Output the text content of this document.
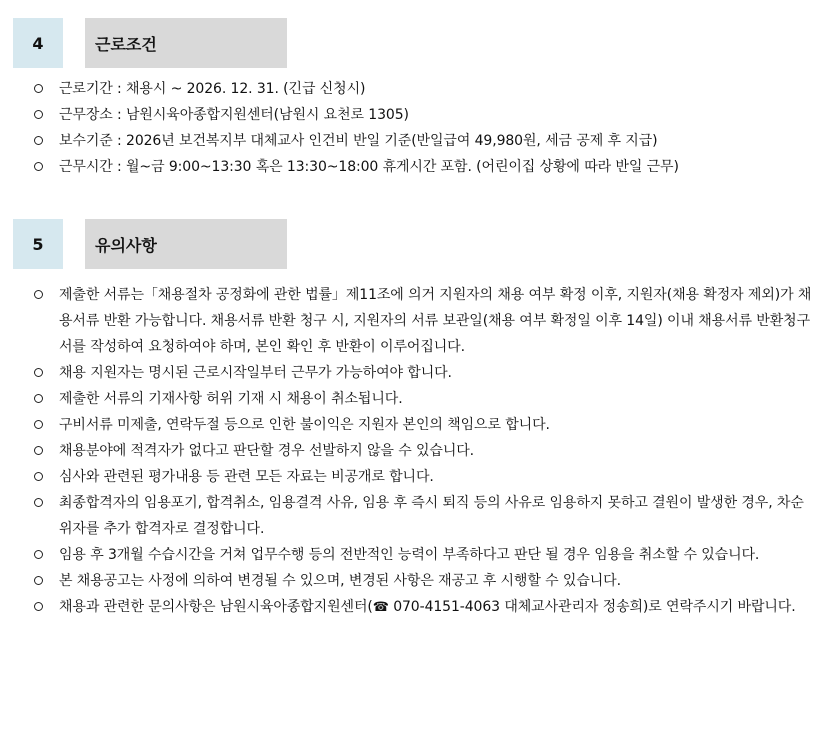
4	근로조건
근로기간 : 채용시 ~ 2026. 12. 31. (긴급 신청시)
근무장소 : 남원시육아종합지원센터(남원시 요천로 1305)
보수기준 : 2026년 보건복지부 대체교사 인건비 반일 기준(반일급여 49,980원, 세금 공제 후 지급)
근무시간 : 월~금 9:00~13:30 혹은 13:30~18:00 휴게시간 포함. (어린이집 상황에 따라 반일 근무)
5	유의사항
제출한 서류는「채용절차 공정화에 관한 법률」제11조에 의거 지원자의 채용 여부 확정 이후, 지원자(채용 확정자 제외)가 채용서류 반환 가능합니다. 채용서류 반환 청구 시, 지원자의 서류 보관일(채용 여부 확정일 이후 14일) 이내 채용서류 반환청구서를 작성하여 요청하여야 하며, 본인 확인 후 반환이 이루어집니다.
채용 지원자는 명시된 근로시작일부터 근무가 가능하여야 합니다.
제출한 서류의 기재사항 허위 기재 시 채용이 취소됩니다.
구비서류 미제출, 연락두절 등으로 인한 불이익은 지원자 본인의 책임으로 합니다.
채용분야에 적격자가 없다고 판단할 경우 선발하지 않을 수 있습니다.
심사와 관련된 평가내용 등 관련 모든 자료는 비공개로 합니다.
최종합격자의 임용포기, 합격취소, 임용결격 사유, 임용 후 즉시 퇴직 등의 사유로 임용하지 못하고 결원이 발생한 경우, 차순위자를 추가 합격자로 결정합니다.
임용 후 3개월 수습시간을 거쳐 업무수행 등의 전반적인 능력이 부족하다고 판단 될 경우 임용을 취소할 수 있습니다.
본 채용공고는 사정에 의하여 변경될 수 있으며, 변경된 사항은 재공고 후 시행할 수 있습니다.
채용과 관련한 문의사항은 남원시육아종합지원센터(☎ 070-4151-4063 대체교사관리자 정송희)로 연락주시기 바랍니다.
